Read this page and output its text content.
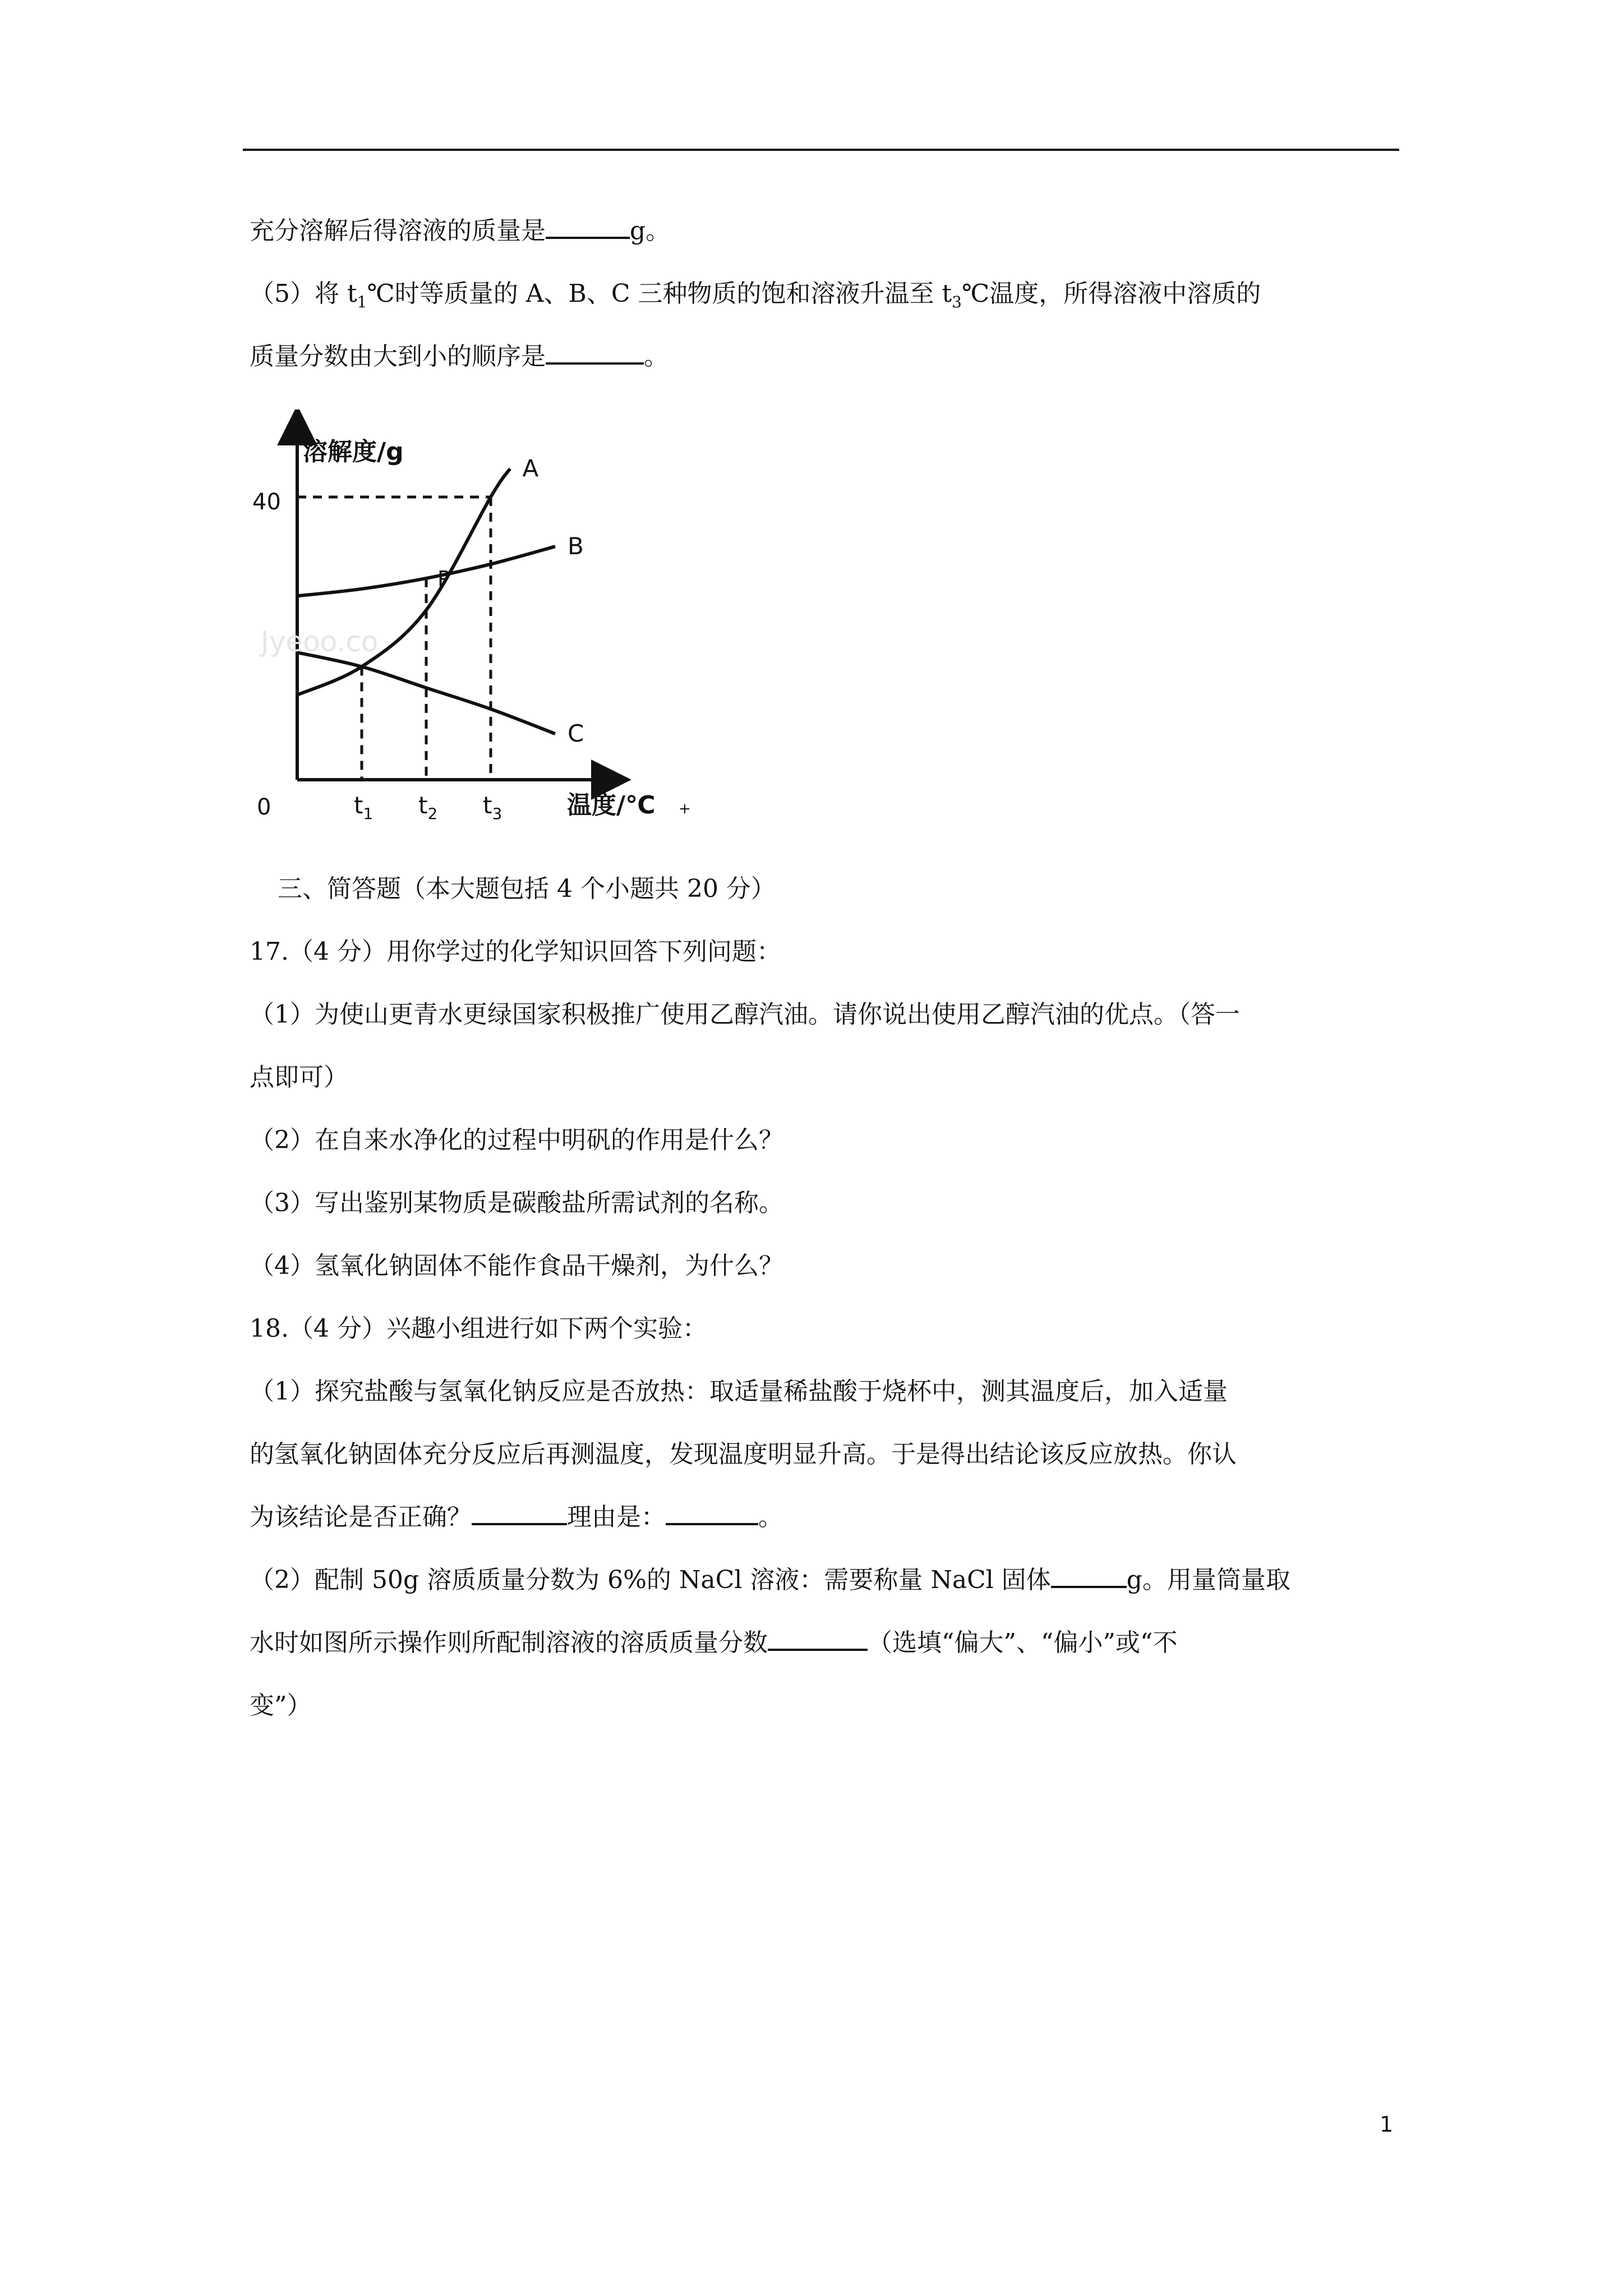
充分溶解后得溶液的质量是	g。
（5）将 $t_1℃$时等质量的 A、B、C 三种物质的饱和溶液升温至 $t_3℃$温度，所得溶液中溶质的
质量分数由大到小的顺序是	。
溶解度/g
40
0	温度/℃ +
P
A
B
C
$t_1$ $t_2$ $t_3$
Jyeoo.co
三、简答题（本大题包括 4 个小题共 20 分）
17.（4 分）用你学过的化学知识回答下列问题：
（1）为使山更青水更绿国家积极推广使用乙醇汽油。请你说出使用乙醇汽油的优点。（答一
点即可）
（2）在自来水净化的过程中明矾的作用是什么？
（3）写出鉴别某物质是碳酸盐所需试剂的名称。
（4）氢氧化钠固体不能作食品干燥剂，为什么？
18.（4 分）兴趣小组进行如下两个实验：
（1）探究盐酸与氢氧化钠反应是否放热：取适量稀盐酸于烧杯中，测其温度后，加入适量
的氢氧化钠固体充分反应后再测温度，发现温度明显升高。于是得出结论该反应放热。你认
为该结论是否正确？	理由是：	。
（2）配制 50g 溶质质量分数为 6%的 NaCl 溶液：需要称量 NaCl 固体	g。用量筒量取
水时如图所示操作则所配制溶液的溶质质量分数	（选填“偏大”、“偏小”或“不
变”）
1
